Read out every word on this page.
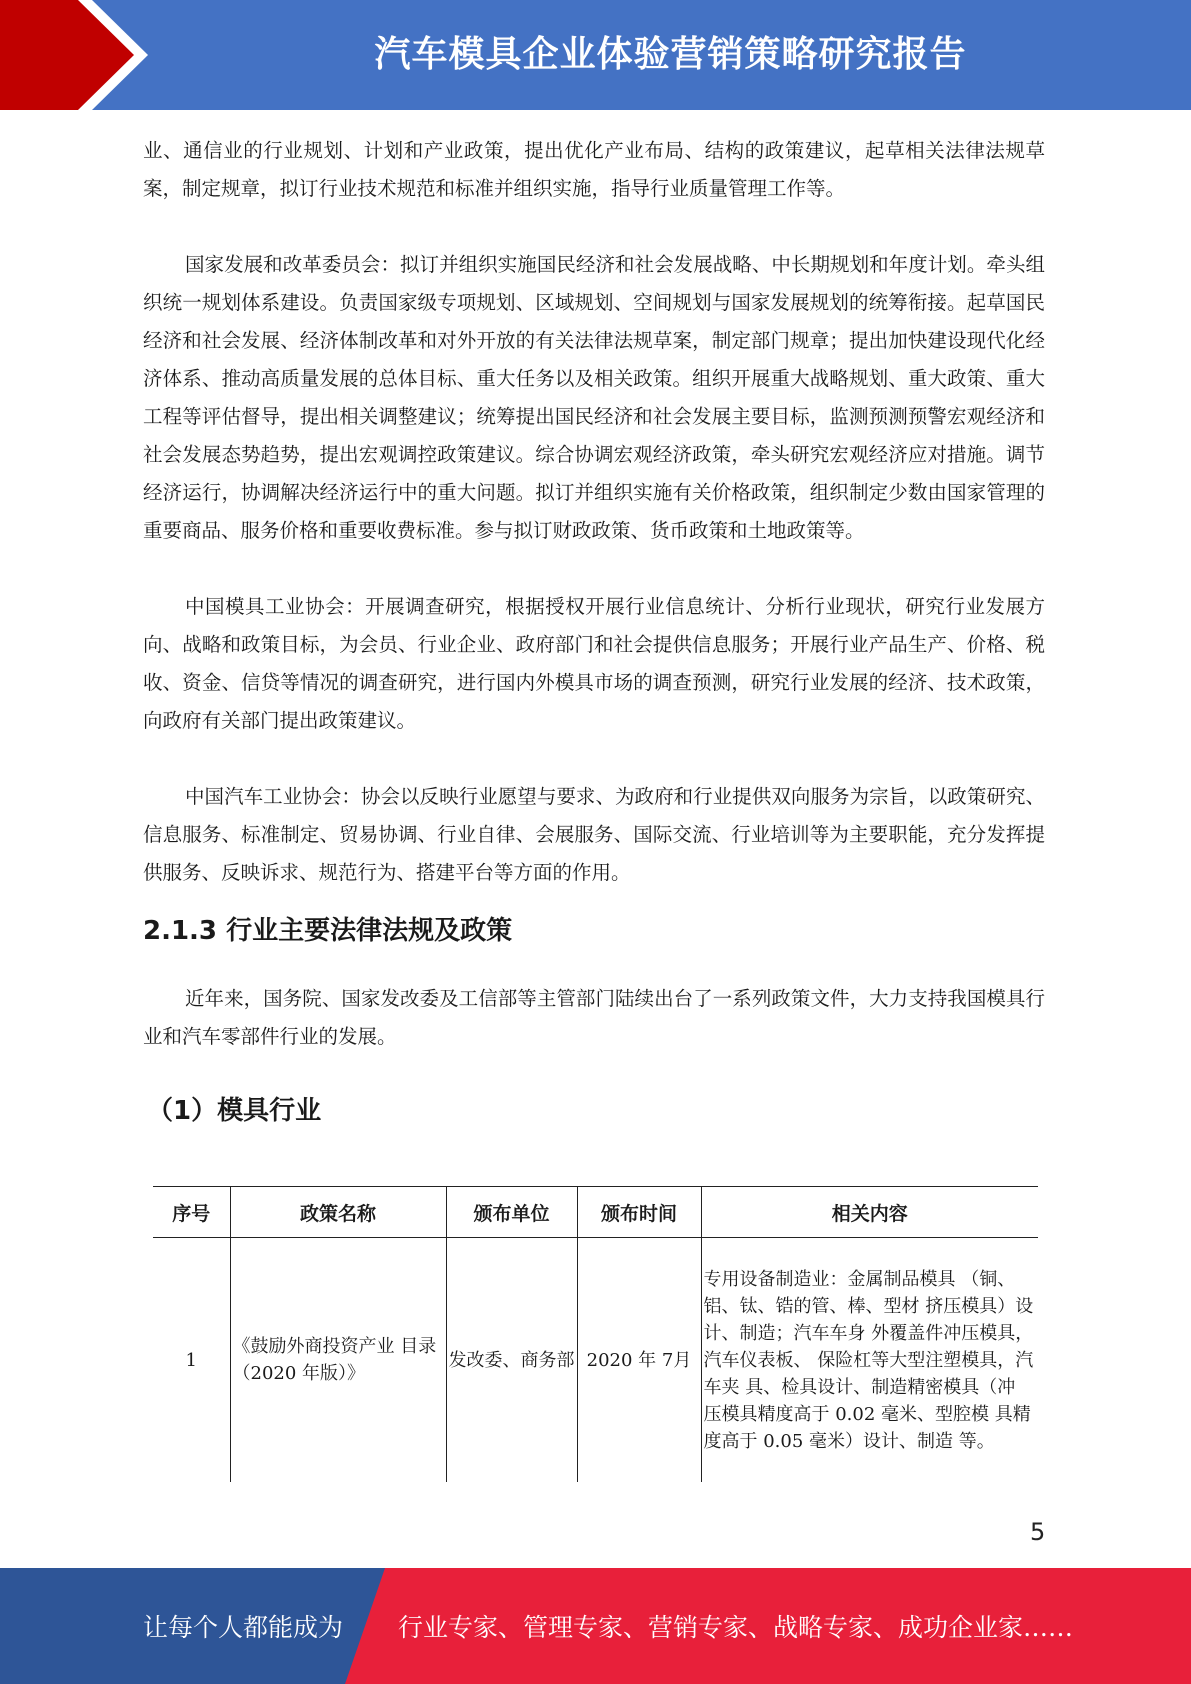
汽车模具企业体验营销策略研究报告

业、通信业的行业规划、计划和产业政策，提出优化产业布局、结构的政策建议，起草相关法律法规草案，制定规章，拟订行业技术规范和标准并组织实施，指导行业质量管理工作等。

国家发展和改革委员会：拟订并组织实施国民经济和社会发展战略、中长期规划和年度计划。牵头组织统一规划体系建设。负责国家级专项规划、区域规划、空间规划与国家发展规划的统筹衔接。起草国民经济和社会发展、经济体制改革和对外开放的有关法律法规草案，制定部门规章；提出加快建设现代化经济体系、推动高质量发展的总体目标、重大任务以及相关政策。组织开展重大战略规划、重大政策、重大工程等评估督导，提出相关调整建议；统筹提出国民经济和社会发展主要目标，监测预测预警宏观经济和社会发展态势趋势，提出宏观调控政策建议。综合协调宏观经济政策，牵头研究宏观经济应对措施。调节经济运行，协调解决经济运行中的重大问题。拟订并组织实施有关价格政策，组织制定少数由国家管理的重要商品、服务价格和重要收费标准。参与拟订财政政策、货币政策和土地政策等。

中国模具工业协会：开展调查研究，根据授权开展行业信息统计、分析行业现状，研究行业发展方向、战略和政策目标，为会员、行业企业、政府部门和社会提供信息服务；开展行业产品生产、价格、税收、资金、信贷等情况的调查研究，进行国内外模具市场的调查预测，研究行业发展的经济、技术政策，向政府有关部门提出政策建议。

中国汽车工业协会：协会以反映行业愿望与要求、为政府和行业提供双向服务为宗旨，以政策研究、信息服务、标准制定、贸易协调、行业自律、会展服务、国际交流、行业培训等为主要职能，充分发挥提供服务、反映诉求、规范行为、搭建平台等方面的作用。

2.1.3 行业主要法律法规及政策

近年来，国务院、国家发改委及工信部等主管部门陆续出台了一系列政策文件，大力支持我国模具行业和汽车零部件行业的发展。

（1）模具行业
序号	政策名称	颁布单位	颁布时间	相关内容
1	《鼓励外商投资产业 目录（2020 年版）》	发改委、商务部	2020 年 7月	专用设备制造业：金属制品模具 （铜、铝、钛、锆的管、棒、型材 挤压模具）设计、制造；汽车车身 外覆盖件冲压模具，汽车仪表板、 保险杠等大型注塑模具，汽车夹 具、检具设计、制造精密模具（冲 压模具精度高于 0.02 毫米、型腔模 具精度高于 0.05 毫米）设计、制造 等。
5
让每个人都能成为 行业专家、管理专家、营销专家、战略专家、成功企业家……
